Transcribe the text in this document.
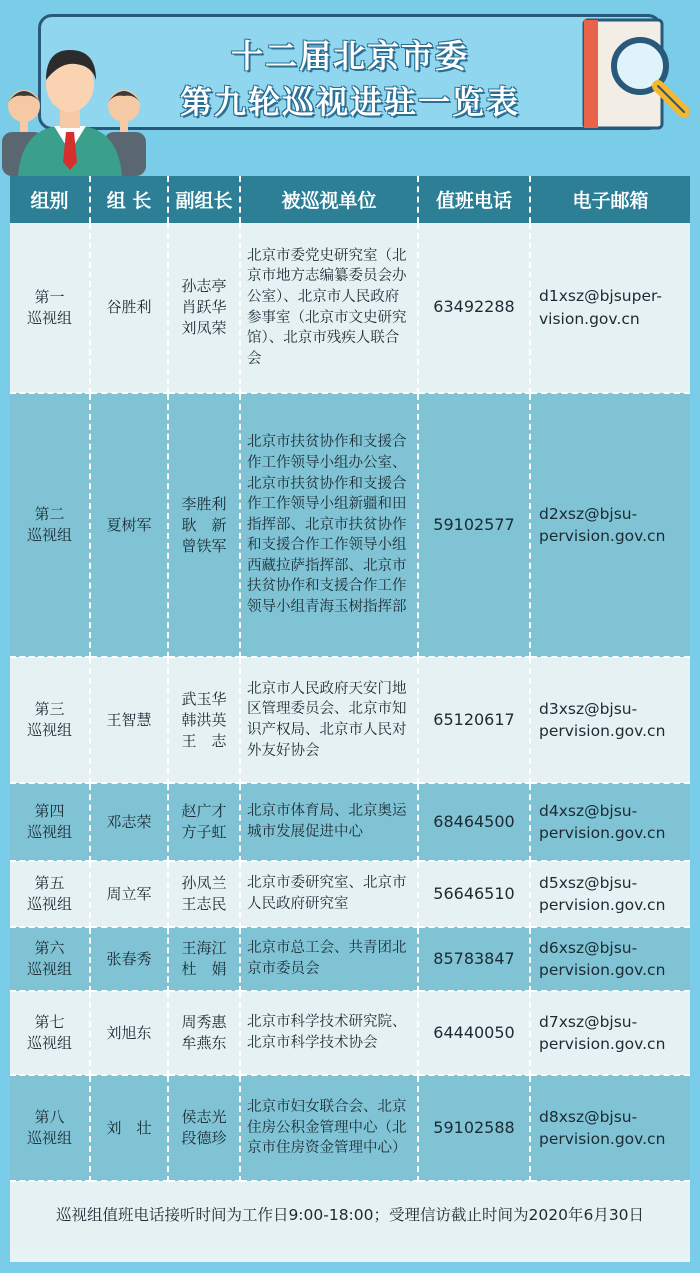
十二届北京市委
第九轮巡视进驻一览表
组别	组 长	副组长	被巡视单位	值班电话	电子邮箱

第一
巡视组	谷胜利	孙志亭
肖跃华
刘凤荣	北京市委党史研究室（北京市地方志编纂委员会办公室）、北京市人民政府参事室（北京市文史研究馆）、北京市残疾人联合会	63492288	d1xsz@bjsuper-
vision.gov.cn

第二
巡视组	夏树军	李胜利
耿　新
曾铁军	北京市扶贫协作和支援合作工作领导小组办公室、北京市扶贫协作和支援合作工作领导小组新疆和田指挥部、北京市扶贫协作和支援合作工作领导小组西藏拉萨指挥部、北京市扶贫协作和支援合作工作领导小组青海玉树指挥部	59102577	d2xsz@bjsu-
pervision.gov.cn

第三
巡视组	王智慧	武玉华
韩洪英
王　志	北京市人民政府天安门地区管理委员会、北京市知识产权局、北京市人民对外友好协会	65120617	d3xsz@bjsu-
pervision.gov.cn

第四
巡视组	邓志荣	赵广才
方子虹	北京市体育局、北京奥运城市发展促进中心	68464500	d4xsz@bjsu-
pervision.gov.cn

第五
巡视组	周立军	孙凤兰
王志民	北京市委研究室、北京市人民政府研究室	56646510	d5xsz@bjsu-
pervision.gov.cn

第六
巡视组	张春秀	王海江
杜　娟	北京市总工会、共青团北京市委员会	85783847	d6xsz@bjsu-
pervision.gov.cn

第七
巡视组	刘旭东	周秀惠
牟燕东	北京市科学技术研究院、北京市科学技术协会	64440050	d7xsz@bjsu-
pervision.gov.cn

第八
巡视组	刘　壮	侯志光
段德珍	北京市妇女联合会、北京住房公积金管理中心（北京市住房资金管理中心）	59102588	d8xsz@bjsu-
pervision.gov.cn

巡视组值班电话接听时间为工作日9:00-18:00；受理信访截止时间为2020年6月30日					
